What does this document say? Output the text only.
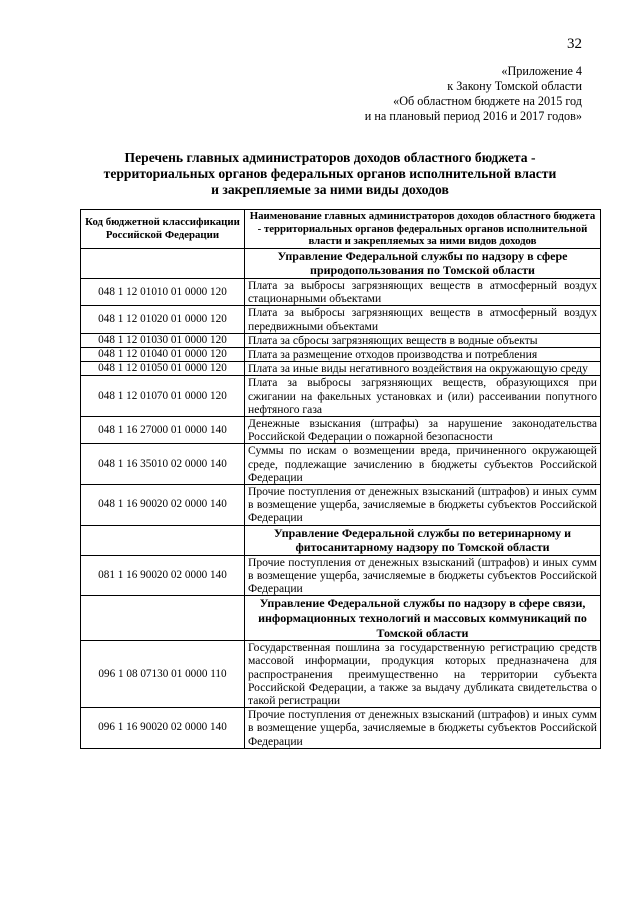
32
«Приложение 4
к Закону Томской области
«Об областном бюджете на 2015 год
и на плановый период 2016 и 2017 годов»
Перечень главных администраторов доходов областного бюджета -
территориальных органов федеральных органов исполнительной власти
и закрепляемые за ними виды доходов
Код бюджетной классификации Российской Федерации	Наименование главных администраторов доходов областного бюджета - территориальных органов федеральных органов исполнительной власти и закрепляемых за ними видов доходов
	Управление Федеральной службы по надзору в сфере природопользования по Томской области
048 1 12 01010 01 0000 120	Плата за выбросы загрязняющих веществ в атмосферный воздух стационарными объектами
048 1 12 01020 01 0000 120	Плата за выбросы загрязняющих веществ в атмосферный воздух передвижными объектами
048 1 12 01030 01 0000 120	Плата за сбросы загрязняющих веществ в водные объекты
048 1 12 01040 01 0000 120	Плата за размещение отходов производства и потребления
048 1 12 01050 01 0000 120	Плата за иные виды негативного воздействия на окружающую среду
048 1 12 01070 01 0000 120	Плата за выбросы загрязняющих веществ, образующихся при сжигании на факельных установках и (или) рассеивании попутного нефтяного газа
048 1 16 27000 01 0000 140	Денежные взыскания (штрафы) за нарушение законодательства Российской Федерации о пожарной безопасности
048 1 16 35010 02 0000 140	Суммы по искам о возмещении вреда, причиненного окружающей среде, подлежащие зачислению в бюджеты субъектов Российской Федерации
048 1 16 90020 02 0000 140	Прочие поступления от денежных взысканий (штрафов) и иных сумм в возмещение ущерба, зачисляемые в бюджеты субъектов Российской Федерации
	Управление Федеральной службы по ветеринарному и фитосанитарному надзору по Томской области
081 1 16 90020 02 0000 140	Прочие поступления от денежных взысканий (штрафов) и иных сумм в возмещение ущерба, зачисляемые в бюджеты субъектов Российской Федерации
	Управление Федеральной службы по надзору в сфере связи, информационных технологий и массовых коммуникаций по Томской области
096 1 08 07130 01 0000 110	Государственная пошлина за государственную регистрацию средств массовой информации, продукция которых предназначена для распространения преимущественно на территории субъекта Российской Федерации, а также за выдачу дубликата свидетельства о такой регистрации
096 1 16 90020 02 0000 140	Прочие поступления от денежных взысканий (штрафов) и иных сумм в возмещение ущерба, зачисляемые в бюджеты субъектов Российской Федерации
